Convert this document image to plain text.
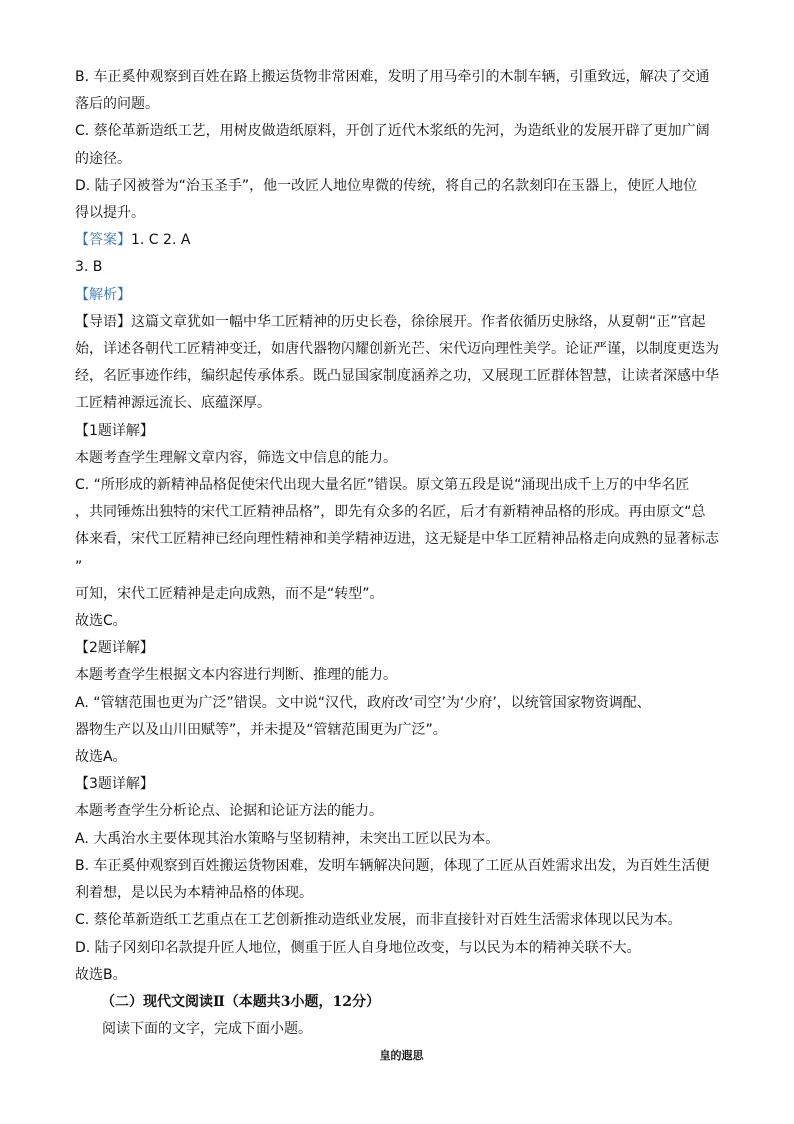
B. 车正奚仲观察到百姓在路上搬运货物非常困难，发明了用马牵引的木制车辆，引重致远，解决了交通
落后的问题。
C. 蔡伦革新造纸工艺，用树皮做造纸原料，开创了近代木浆纸的先河，为造纸业的发展开辟了更加广阔
的途径。
D. 陆子冈被誉为“治玉圣手”，他一改匠人地位卑微的传统，将自己的名款刻印在玉器上，使匠人地位
得以提升。
【答案】1. C 2. A
3. B
【解析】
【导语】这篇文章犹如一幅中华工匠精神的历史长卷，徐徐展开。作者依循历史脉络，从夏朝“正”官起
始，详述各朝代工匠精神变迁，如唐代器物闪耀创新光芒、宋代迈向理性美学。论证严谨，以制度更迭为
经，名匠事迹作纬，编织起传承体系。既凸显国家制度涵养之功，又展现工匠群体智慧，让读者深感中华
工匠精神源远流长、底蕴深厚。
【1题详解】
本题考查学生理解文章内容，筛选文中信息的能力。
C. “所形成的新精神品格促使宋代出现大量名匠”错误。原文第五段是说“涌现出成千上万的中华名匠
，共同锤炼出独特的宋代工匠精神品格”，即先有众多的名匠，后才有新精神品格的形成。再由原文“总
体来看，宋代工匠精神已经向理性精神和美学精神迈进，这无疑是中华工匠精神品格走向成熟的显著标志
”
可知，宋代工匠精神是走向成熟，而不是“转型”。
故选C。
【2题详解】
本题考查学生根据文本内容进行判断、推理的能力。
A. “管辖范围也更为广泛”错误。文中说“汉代，政府改‘司空’为‘少府’，以统管国家物资调配、
器物生产以及山川田赋等”，并未提及“管辖范围更为广泛”。
故选A。
【3题详解】
本题考查学生分析论点、论据和论证方法的能力。
A. 大禹治水主要体现其治水策略与坚韧精神，未突出工匠以民为本。
B. 车正奚仲观察到百姓搬运货物困难，发明车辆解决问题，体现了工匠从百姓需求出发，为百姓生活便
利着想，是以民为本精神品格的体现。
C. 蔡伦革新造纸工艺重点在工艺创新推动造纸业发展，而非直接针对百姓生活需求体现以民为本。
D. 陆子冈刻印名款提升匠人地位，侧重于匠人自身地位改变，与以民为本的精神关联不大。
故选B。
（二）现代文阅读Ⅱ（本题共3小题，12分）
阅读下面的文字，完成下面小题。
皇的遐思
